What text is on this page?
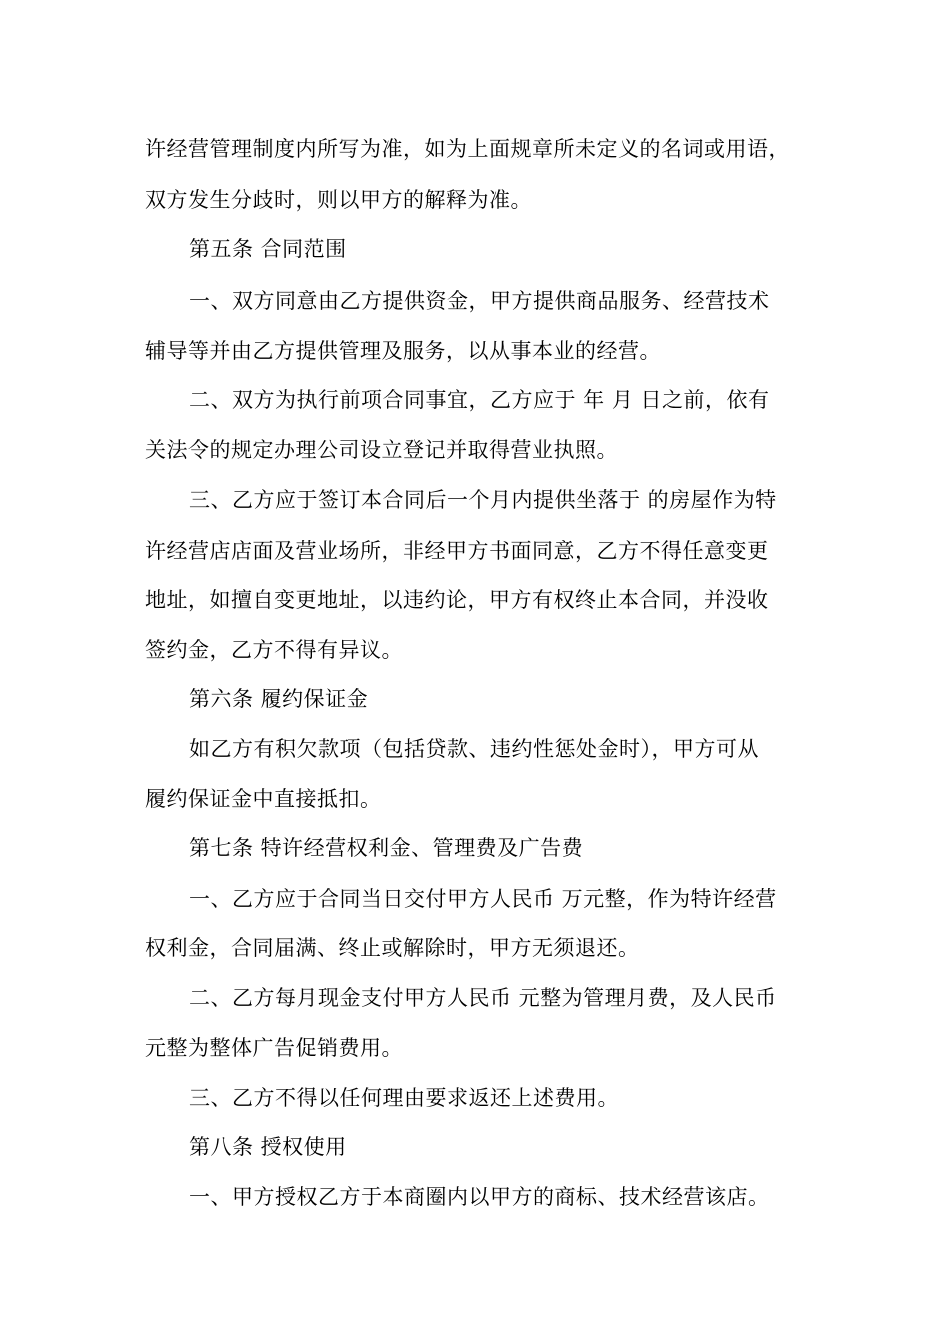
许经营管理制度内所写为准，如为上面规章所未定义的名词或用语，
双方发生分歧时，则以甲方的解释为准。
第五条 合同范围
一、双方同意由乙方提供资金，甲方提供商品服务、经营技术
辅导等并由乙方提供管理及服务，以从事本业的经营。
二、双方为执行前项合同事宜，乙方应于 年 月 日之前，依有
关法令的规定办理公司设立登记并取得营业执照。
三、乙方应于签订本合同后一个月内提供坐落于 的房屋作为特
许经营店店面及营业场所，非经甲方书面同意，乙方不得任意变更
地址，如擅自变更地址，以违约论，甲方有权终止本合同，并没收
签约金，乙方不得有异议。
第六条 履约保证金
如乙方有积欠款项（包括贷款、违约性惩处金时），甲方可从
履约保证金中直接抵扣。
第七条 特许经营权利金、管理费及广告费
一、乙方应于合同当日交付甲方人民币 万元整，作为特许经营
权利金，合同届满、终止或解除时，甲方无须退还。
二、乙方每月现金支付甲方人民币 元整为管理月费，及人民币
元整为整体广告促销费用。
三、乙方不得以任何理由要求返还上述费用。
第八条 授权使用
一、甲方授权乙方于本商圈内以甲方的商标、技术经营该店。
